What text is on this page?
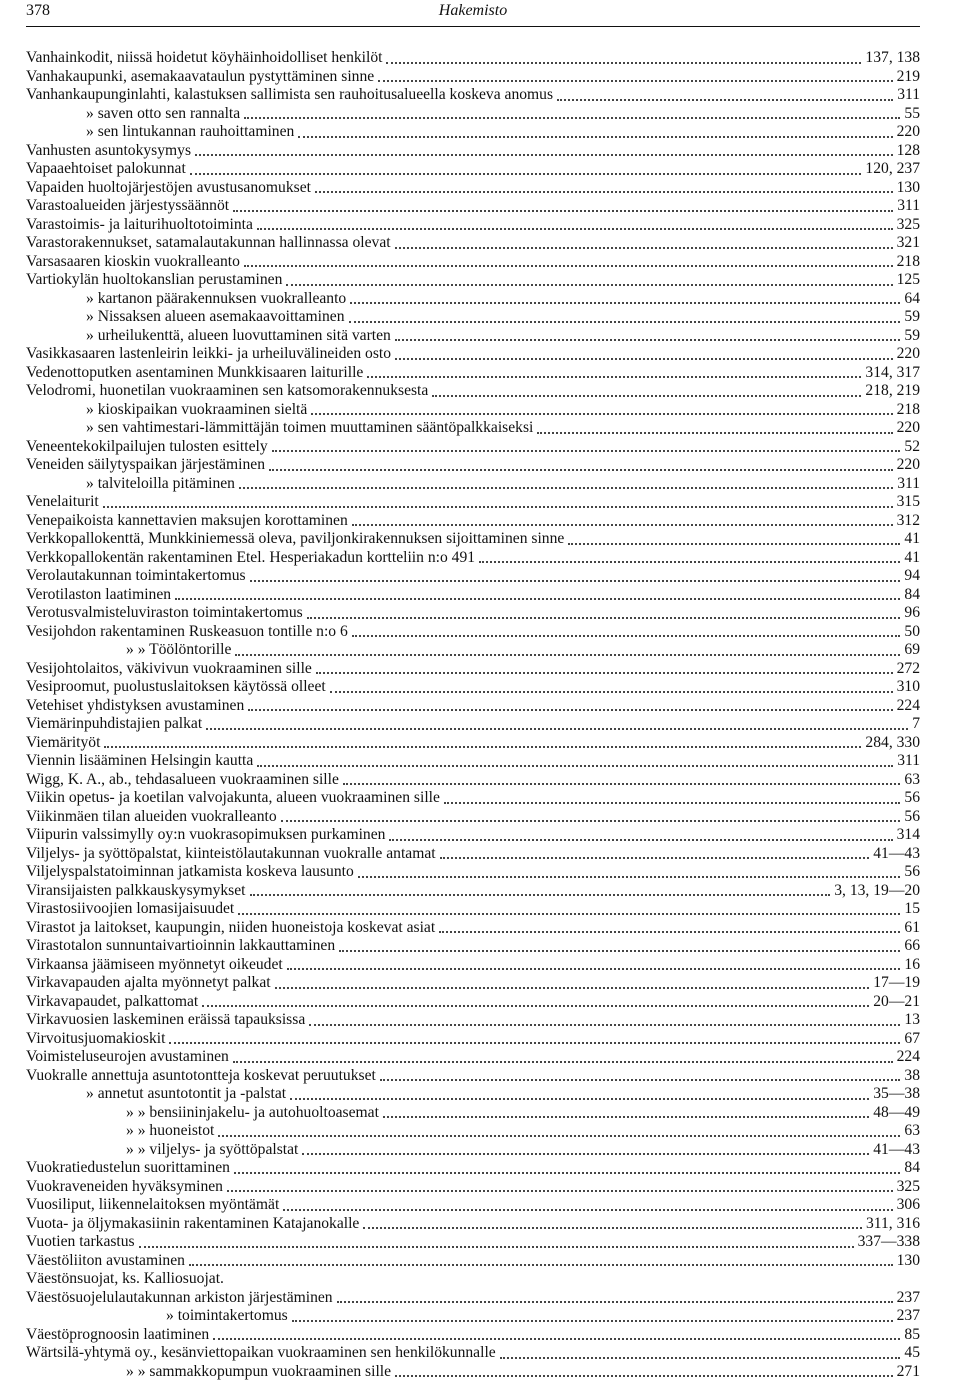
378	Hakemisto
Vanhainkodit, niissä hoidetut köyhäinhoidolliset henkilöt	137, 138
Vanhakaupunki, asemakaavataulun pystyttäminen sinne	219
Vanhankaupunginlahti, kalastuksen sallimista sen rauhoitusalueella koskeva anomus	311
» saven otto sen rannalta	55
» sen lintukannan rauhoittaminen	220
Vanhusten asuntokysymys	128
Vapaaehtoiset palokunnat	120, 237
Vapaiden huoltojärjestöjen avustusanomukset	130
Varastoalueiden järjestyssäännöt	311
Varastoimis- ja laiturihuoltotoiminta	325
Varastorakennukset, satamalautakunnan hallinnassa olevat	321
Varsasaaren kioskin vuokralleanto	218
Vartiokylän huoltokanslian perustaminen	125
» kartanon päärakennuksen vuokralleanto	64
» Nissaksen alueen asemakaavoittaminen	59
» urheilukenttä, alueen luovuttaminen sitä varten	59
Vasikkasaaren lastenleirin leikki- ja urheiluvälineiden osto	220
Vedenottoputken asentaminen Munkkisaaren laiturille	314, 317
Velodromi, huonetilan vuokraaminen sen katsomorakennuksesta	218, 219
» kioskipaikan vuokraaminen sieltä	218
» sen vahtimestari-lämmittäjän toimen muuttaminen sääntöpalkkaiseksi	220
Veneentekokilpailujen tulosten esittely	52
Veneiden säilytyspaikan järjestäminen	220
» talviteloilla pitäminen	311
Venelaiturit	315
Venepaikoista kannettavien maksujen korottaminen	312
Verkkopallokenttä, Munkkiniemessä oleva, paviljonkirakennuksen sijoittaminen sinne	41
Verkkopallokentän rakentaminen Etel. Hesperiakadun kortteliin n:o 491	41
Verolautakunnan toimintakertomus	94
Verotilaston laatiminen	84
Verotusvalmisteluviraston toimintakertomus	96
Vesijohdon rakentaminen Ruskeasuon tontille n:o 6	50
» » Töölöntorille	69
Vesijohtolaitos, väkivivun vuokraaminen sille	272
Vesiproomut, puolustuslaitoksen käytössä olleet	310
Vetehiset yhdistyksen avustaminen	224
Viemärinpuhdistajien palkat	7
Viemärityöt	284, 330
Viennin lisääminen Helsingin kautta	311
Wigg, K. A., ab., tehdasalueen vuokraaminen sille	63
Viikin opetus- ja koetilan valvojakunta, alueen vuokraaminen sille	56
Viikinmäen tilan alueiden vuokralleanto	56
Viipurin valssimylly oy:n vuokrasopimuksen purkaminen	314
Viljelys- ja syöttöpalstat, kiinteistölautakunnan vuokralle antamat	41—43
Viljelyspalstatoiminnan jatkamista koskeva lausunto	56
Viransijaisten palkkauskysymykset	3, 13, 19—20
Virastosiivoojien lomasijaisuudet	15
Virastot ja laitokset, kaupungin, niiden huoneistoja koskevat asiat	61
Virastotalon sunnuntaivartioinnin lakkauttaminen	66
Virkaansa jäämiseen myönnetyt oikeudet	16
Virkavapauden ajalta myönnetyt palkat	17—19
Virkavapaudet, palkattomat	20—21
Virkavuosien laskeminen eräissä tapauksissa	13
Virvoitusjuomakioskit	67
Voimisteluseurojen avustaminen	224
Vuokralle annettuja asuntotontteja koskevat peruutukset	38
» annetut asuntotontit ja -palstat	35—38
» » bensiininjakelu- ja autohuoltoasemat	48—49
» » huoneistot	63
» » viljelys- ja syöttöpalstat	41—43
Vuokratiedustelun suorittaminen	84
Vuokraveneiden hyväksyminen	325
Vuosiliput, liikennelaitoksen myöntämät	306
Vuota- ja öljymakasiinin rakentaminen Katajanokalle	311, 316
Vuotien tarkastus	337—338
Väestöliiton avustaminen	130
Väestönsuojat, ks. Kalliosuojat.
Väestösuojelulautakunnan arkiston järjestäminen	237
» toimintakertomus	237
Väestöprognoosin laatiminen	85
Wärtsilä-yhtymä oy., kesänviettopaikan vuokraaminen sen henkilökunnalle	45
» » sammakkopumpun vuokraaminen sille	271
